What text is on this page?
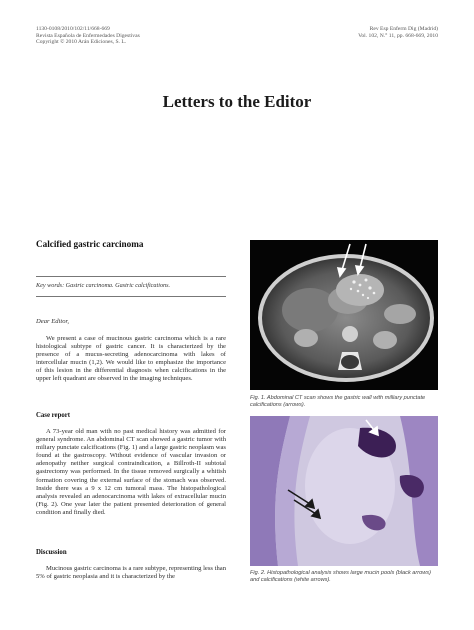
1130-0108/2010/102/11/668-669
Revista Española de Enfermedades Digestivas
Copyright © 2010 Arán Ediciones, S. L.
Rev Esp Enferm Dig (Madrid)
Vol. 102, N.° 11, pp. 668-669, 2010
Letters to the Editor
Calcified gastric carcinoma
Key words: Gastric carcinoma. Gastric calcifications.
Dear Editor,
We present a case of mucinous gastric carcinoma which is a rare histological subtype of gastric cancer. It is characterized by the presence of a mucus-secreting adenocarcinoma with lakes of intercellular mucin (1,2). We would like to emphasize the importance of this lesion in the differential diagnosis when calcifications in the upper left quadrant are observed in the imaging techniques.
Case report
A 73-year old man with no past medical history was admitted for general syndrome. An abdominal CT scan showed a gastric tumor with miliary punctate calcifications (Fig. 1) and a large gastric neoplasm was found at the gastroscopy. Without evidence of vascular invasion or adenopathy neither surgical contraindication, a Billroth-II subtotal gastrectomy was performed. In the tissue removed surgically a whitish formation covering the external surface of the stomach was observed. Inside there was a 9 x 12 cm tumoral mass. The histopathological analysis revealed an adenocarcinoma with lakes of extracellular mucin (Fig. 2). One year later the patient presented deterioration of general condition and finally died.
Discussion
Mucinous gastric carcinoma is a rare subtype, representing less than 5% of gastric neoplasia and it is characterized by the
Fig. 1. Abdominal CT scan shows the gastric wall with milliary punctate calcifications (arrows).
Fig. 2. Histopathological analysis shows large mucin pools (black arrows) and calcifications (white arrows).
